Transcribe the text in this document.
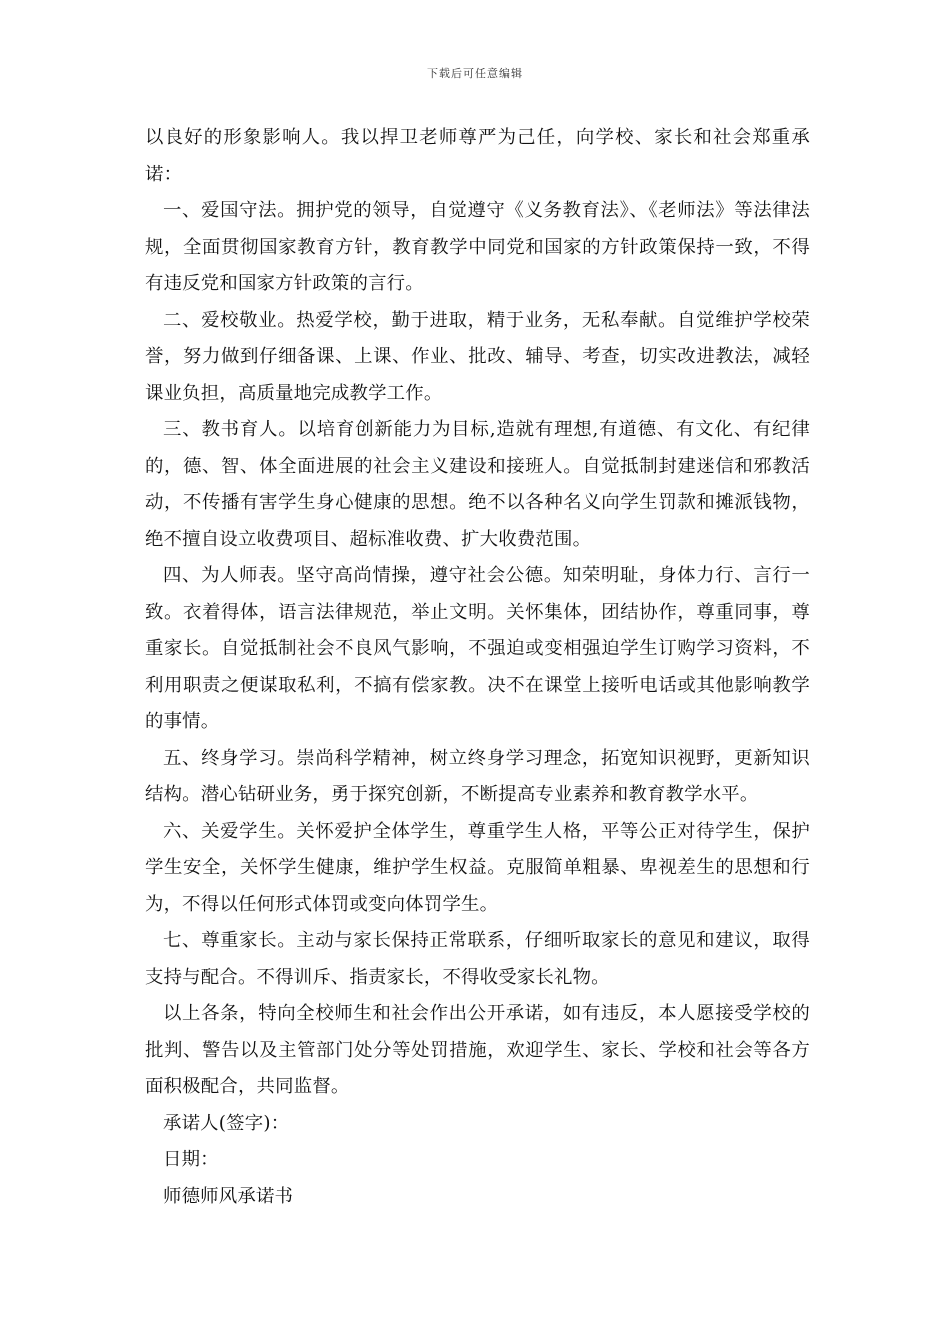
下载后可任意编辑

以良好的形象影响人。我以捍卫老师尊严为己任，向学校、家长和社会郑重承诺：

一、爱国守法。拥护党的领导，自觉遵守《义务教育法》、《老师法》等法律法规，全面贯彻国家教育方针，教育教学中同党和国家的方针政策保持一致，不得有违反党和国家方针政策的言行。

二、爱校敬业。热爱学校，勤于进取，精于业务，无私奉献。自觉维护学校荣誉，努力做到仔细备课、上课、作业、批改、辅导、考查，切实改进教法，减轻课业负担，高质量地完成教学工作。

三、教书育人。以培育创新能力为目标,造就有理想,有道德、有文化、有纪律的，德、智、体全面进展的社会主义建设和接班人。自觉抵制封建迷信和邪教活动，不传播有害学生身心健康的思想。绝不以各种名义向学生罚款和摊派钱物，绝不擅自设立收费项目、超标准收费、扩大收费范围。

四、为人师表。坚守高尚情操，遵守社会公德。知荣明耻，身体力行、言行一致。衣着得体，语言法律规范，举止文明。关怀集体，团结协作，尊重同事，尊重家长。自觉抵制社会不良风气影响，不强迫或变相强迫学生订购学习资料，不利用职责之便谋取私利，不搞有偿家教。决不在课堂上接听电话或其他影响教学的事情。

五、终身学习。崇尚科学精神，树立终身学习理念，拓宽知识视野，更新知识结构。潜心钻研业务，勇于探究创新，不断提高专业素养和教育教学水平。

六、关爱学生。关怀爱护全体学生，尊重学生人格，平等公正对待学生，保护学生安全，关怀学生健康，维护学生权益。克服简单粗暴、卑视差生的思想和行为，不得以任何形式体罚或变向体罚学生。

七、尊重家长。主动与家长保持正常联系，仔细听取家长的意见和建议，取得支持与配合。不得训斥、指责家长，不得收受家长礼物。

以上各条，特向全校师生和社会作出公开承诺，如有违反，本人愿接受学校的批判、警告以及主管部门处分等处罚措施，欢迎学生、家长、学校和社会等各方面积极配合，共同监督。

承诺人(签字)：

日期：

师德师风承诺书
